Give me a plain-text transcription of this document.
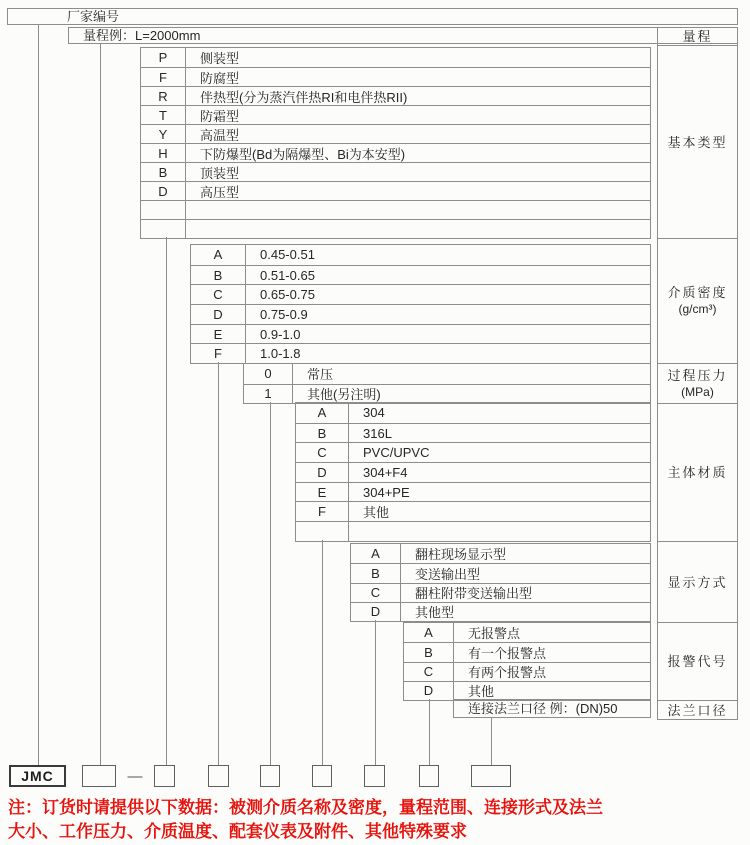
厂家编号
量程例：L=2000mm
P	侧装型
F	防腐型
R	伴热型(分为蒸汽伴热RI和电伴热RII)
T	防霜型
Y	高温型
H	下防爆型(Bd为隔爆型、Bi为本安型)
B	顶装型
D	高压型
A	0.45-0.51
B	0.51-0.65
C	0.65-0.75
D	0.75-0.9
E	0.9-1.0
F	1.0-1.8
0	常压
1	其他(另注明)
A	304
B	316L
C	PVC/UPVC
D	304+F4
E	304+PE
F	其他
A	翻柱现场显示型
B	变送输出型
C	翻柱附带变送输出型
D	其他型
A	无报警点
B	有一个报警点
C	有两个报警点
D	其他
连接法兰口径 例：(DN)50
量程
基本类型
介质密度
(g/cm³)
过程压力
(MPa)
主体材质
显示方式
报警代号
法兰口径
JMC	—
注：订货时请提供以下数据：被测介质名称及密度，量程范围、连接形式及法兰
大小、工作压力、介质温度、配套仪表及附件、其他特殊要求
